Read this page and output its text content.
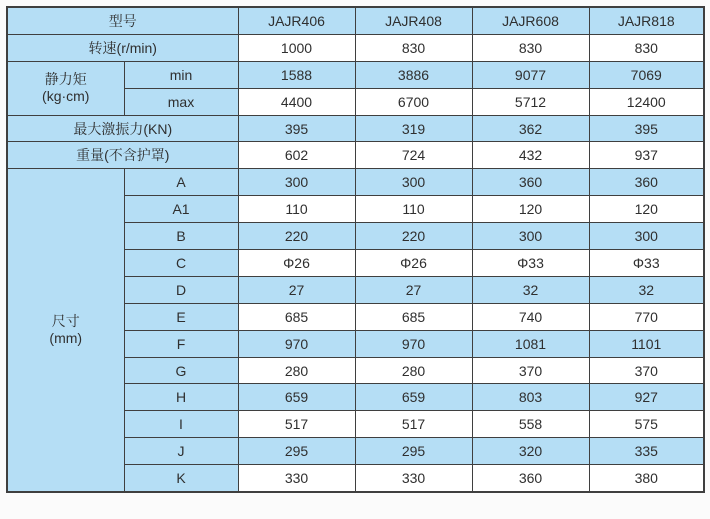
型号		JAJR406	JAJR408	JAJR608	JAJR818
转速(r/min)		1000	830	830	830

静力矩
(kg·cm)	min	1588	3886	9077	7069
	max	4400	6700	5712	12400
最大激振力(KN)		395	319	362	395
重量(不含护罩)		602	724	432	937

尺寸
(mm)	A	300	300	360	360
	A1	110	110	120	120
	B	220	220	300	300
	C	Φ26	Φ26	Φ33	Φ33
	D	27	27	32	32
	E	685	685	740	770
	F	970	970	1081	1101
	G	280	280	370	370
	H	659	659	803	927
	I	517	517	558	575
	J	295	295	320	335
	K	330	330	360	380
